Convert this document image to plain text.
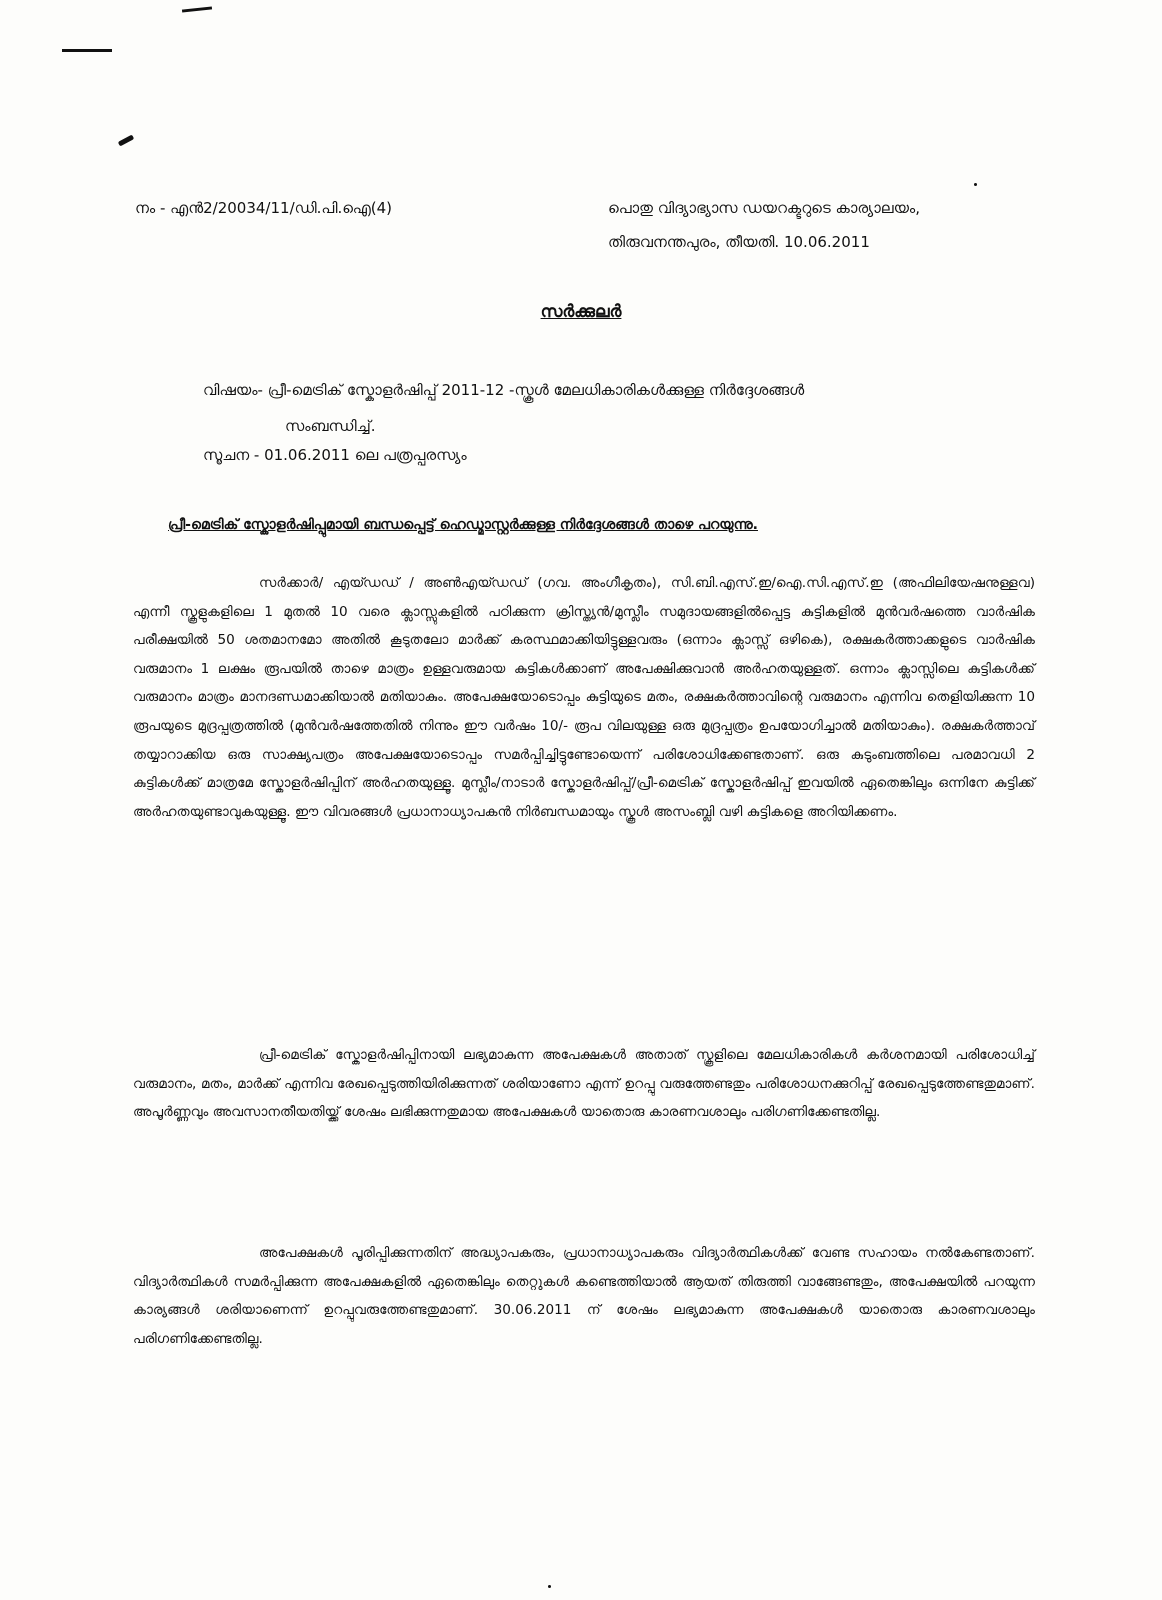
നം - എൻ2/20034/11/ഡി.പി.ഐ(4)	പൊതു വിദ്യാഭ്യാസ ഡയറക്ടറുടെ കാര്യാലയം,
തിരുവനന്തപുരം, തീയതി. 10.06.2011
സർക്കുലർ
വിഷയം- പ്രീ-മെട്രിക് സ്കോളർഷിപ്പ് 2011-12 -സ്കൂൾ മേലധികാരികൾക്കുള്ള നിർദ്ദേശങ്ങൾ
സംബന്ധിച്ച്.
സൂചന - 01.06.2011 ലെ പത്രപ്പരസ്യം
പ്രീ-മെട്രിക് സ്കോളർഷിപ്പുമായി ബന്ധപ്പെട്ട് ഹെഡ്മാസ്റ്റർക്കുള്ള നിർദ്ദേശങ്ങൾ താഴെ പറയുന്നു.

സർക്കാർ/ എയ്ഡഡ് / അൺഎയ്ഡഡ് (ഗവ. അംഗീകൃതം), സി.ബി.എസ്.ഇ/ഐ.സി.എസ്.ഇ (അഫിലിയേഷനുള്ളവ) എന്നീ സ്കൂളുകളിലെ 1 മുതൽ 10 വരെ ക്ലാസ്സുകളിൽ പഠിക്കുന്ന ക്രിസ്ത്യൻ/മുസ്ലീം സമുദായങ്ങളിൽപ്പെട്ട കുട്ടികളിൽ മുൻവർഷത്തെ വാർഷിക പരീക്ഷയിൽ 50 ശതമാനമോ അതിൽ കൂടുതലോ മാർക്ക് കരസ്ഥമാക്കിയിട്ടുള്ളവരും (ഒന്നാം ക്ലാസ്സ് ഒഴികെ), രക്ഷകർത്താക്കളുടെ വാർഷിക വരുമാനം 1 ലക്ഷം രൂപയിൽ താഴെ മാത്രം ഉള്ളവരുമായ കുട്ടികൾക്കാണ് അപേക്ഷിക്കുവാൻ അർഹതയുള്ളത്. ഒന്നാം ക്ലാസ്സിലെ കുട്ടികൾക്ക് വരുമാനം മാത്രം മാനദണ്ഡമാക്കിയാൽ മതിയാകും. അപേക്ഷയോടൊപ്പം കുട്ടിയുടെ മതം, രക്ഷകർത്താവിന്റെ വരുമാനം എന്നിവ തെളിയിക്കുന്ന 10 രൂപയുടെ മുദ്രപ്പത്രത്തിൽ (മുൻവർഷത്തേതിൽ നിന്നും ഈ വർഷം 10/- രൂപ വിലയുള്ള ഒരു മുദ്രപ്പത്രം ഉപയോഗിച്ചാൽ മതിയാകും). രക്ഷകർത്താവ് തയ്യാറാക്കിയ ഒരു സാക്ഷ്യപത്രം അപേക്ഷയോടൊപ്പം സമർപ്പിച്ചിട്ടുണ്ടോയെന്ന് പരിശോധിക്കേണ്ടതാണ്. ഒരു കുടുംബത്തിലെ പരമാവധി 2 കുട്ടികൾക്ക് മാത്രമേ സ്കോളർഷിപ്പിന് അർഹതയുള്ളൂ. മുസ്ലീം/നാടാർ സ്കോളർഷിപ്പ്/പ്രീ-മെട്രിക് സ്കോളർഷിപ്പ് ഇവയിൽ ഏതെങ്കിലും ഒന്നിനേ കുട്ടിക്ക് അർഹതയുണ്ടാവുകയുള്ളൂ. ഈ വിവരങ്ങൾ പ്രധാനാധ്യാപകൻ നിർബന്ധമായും സ്കൂൾ അസംബ്ലി വഴി കുട്ടികളെ അറിയിക്കണം.

പ്രീ-മെട്രിക് സ്കോളർഷിപ്പിനായി ലഭ്യമാകുന്ന അപേക്ഷകൾ അതാത് സ്കൂളിലെ മേലധികാരികൾ കർശനമായി പരിശോധിച്ച് വരുമാനം, മതം, മാർക്ക് എന്നിവ രേഖപ്പെടുത്തിയിരിക്കുന്നത് ശരിയാണോ എന്ന് ഉറപ്പു വരുത്തേണ്ടതും പരിശോധനക്കുറിപ്പ് രേഖപ്പെടുത്തേണ്ടതുമാണ്. അപൂർണ്ണവും അവസാനതീയതിയ്ക്ക് ശേഷം ലഭിക്കുന്നതുമായ അപേക്ഷകൾ യാതൊരു കാരണവശാലും പരിഗണിക്കേണ്ടതില്ല.

അപേക്ഷകൾ പൂരിപ്പിക്കുന്നതിന് അദ്ധ്യാപകരും, പ്രധാനാധ്യാപകരും വിദ്യാർത്ഥികൾക്ക് വേണ്ട സഹായം നൽകേണ്ടതാണ്. വിദ്യാർത്ഥികൾ സമർപ്പിക്കുന്ന അപേക്ഷകളിൽ ഏതെങ്കിലും തെറ്റുകൾ കണ്ടെത്തിയാൽ ആയത് തിരുത്തി വാങ്ങേണ്ടതും, അപേക്ഷയിൽ പറയുന്ന കാര്യങ്ങൾ ശരിയാണെന്ന് ഉറപ്പുവരുത്തേണ്ടതുമാണ്. 30.06.2011 ന് ശേഷം ലഭ്യമാകുന്ന അപേക്ഷകൾ യാതൊരു കാരണവശാലും പരിഗണിക്കേണ്ടതില്ല.
